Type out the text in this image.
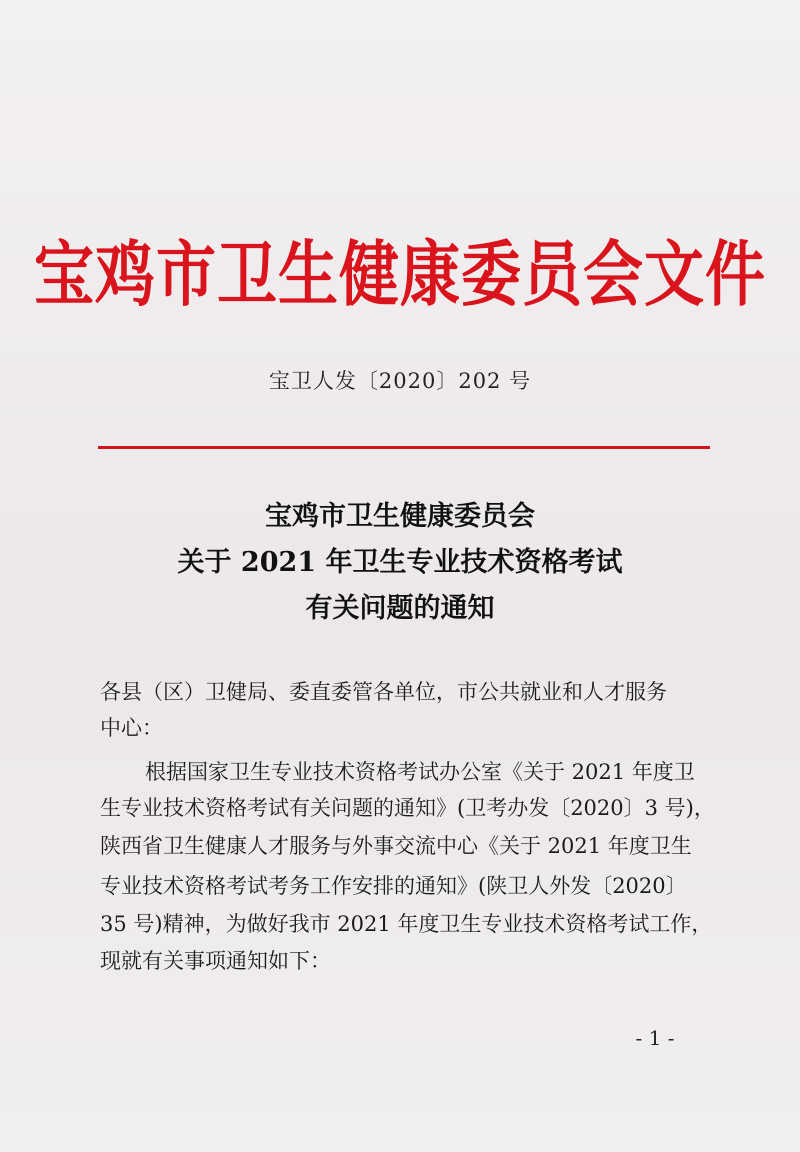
宝鸡市卫生健康委员会文件
宝卫人发〔2020〕202 号
宝鸡市卫生健康委员会
关于 2021 年卫生专业技术资格考试
有关问题的通知
各县（区）卫健局、委直委管各单位，市公共就业和人才服务
中心：
根据国家卫生专业技术资格考试办公室《关于 2021 年度卫
生专业技术资格考试有关问题的通知》(卫考办发〔2020〕3 号)，
陕西省卫生健康人才服务与外事交流中心《关于 2021 年度卫生
专业技术资格考试考务工作安排的通知》(陕卫人外发〔2020〕
35 号)精神，为做好我市 2021 年度卫生专业技术资格考试工作，
现就有关事项通知如下：
- 1 -
